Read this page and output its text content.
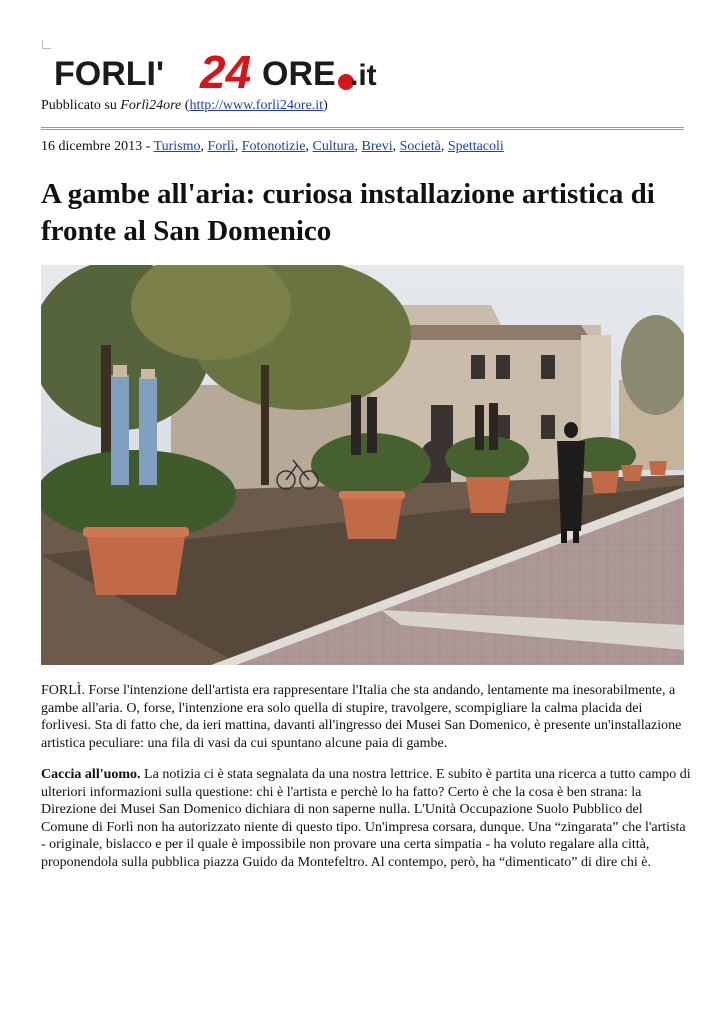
FORLI' 24 ORE .it
Pubblicato su Forlì24ore (http://www.forli24ore.it)
16 dicembre 2013 - Turismo, Forlì, Fotonotizie, Cultura, Brevi, Società, Spettacoli
A gambe all'aria: curiosa installazione artistica di fronte al San Domenico

FORLÌ. Forse l'intenzione dell'artista era rappresentare l'Italia che sta andando, lentamente ma inesorabilmente, a gambe all'aria. O, forse, l'intenzione era solo quella di stupire, travolgere, scompigliare la calma placida dei forlivesi. Sta di fatto che, da ieri mattina, davanti all'ingresso dei Musei San Domenico, è presente un'installazione artistica peculiare: una fila di vasi da cui spuntano alcune paia di gambe.

Caccia all'uomo. La notizia ci è stata segnalata da una nostra lettrice. E subito è partita una ricerca a tutto campo di ulteriori informazioni sulla questione: chi è l'artista e perchè lo ha fatto? Certo è che la cosa è ben strana: la Direzione dei Musei San Domenico dichiara di non saperne nulla. L'Unità Occupazione Suolo Pubblico del Comune di Forlì non ha autorizzato niente di questo tipo. Un'impresa corsara, dunque. Una “zingarata” che l'artista - originale, bislacco e per il quale è impossibile non provare una certa simpatia - ha voluto regalare alla città, proponendola sulla pubblica piazza Guido da Montefeltro. Al contempo, però, ha “dimenticato” di dire chi è.
